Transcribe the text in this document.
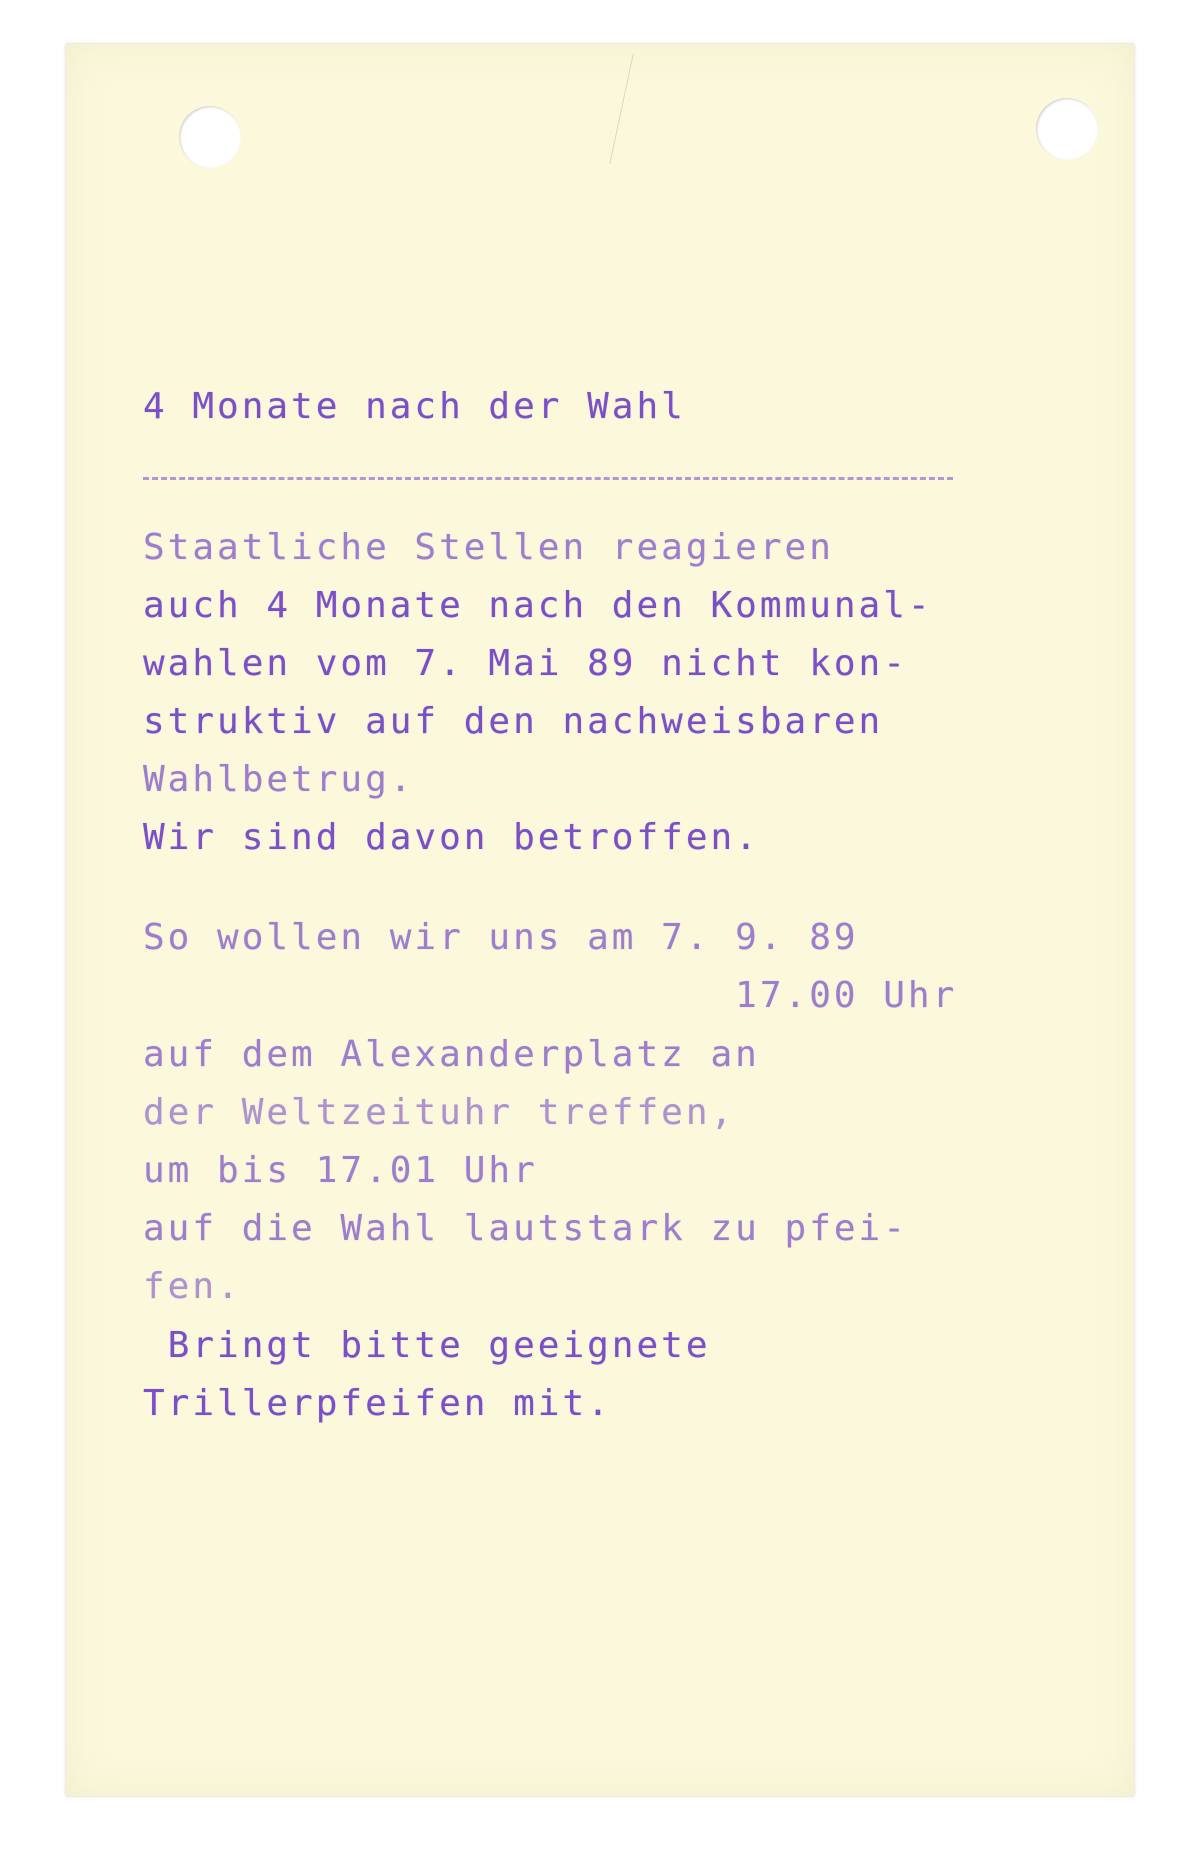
4 Monate nach der Wahl
Staatliche Stellen reagieren
auch 4 Monate nach den Kommunal-
wahlen vom 7. Mai 89 nicht kon-
struktiv auf den nachweisbaren
Wahlbetrug.
Wir sind davon betroffen.
So wollen wir uns am 7. 9. 89
17.00 Uhr
auf dem Alexanderplatz an
der Weltzeituhr treffen,
um bis 17.01 Uhr
auf die Wahl lautstark zu pfei-
fen.
Bringt bitte geeignete
Trillerpfeifen mit.
